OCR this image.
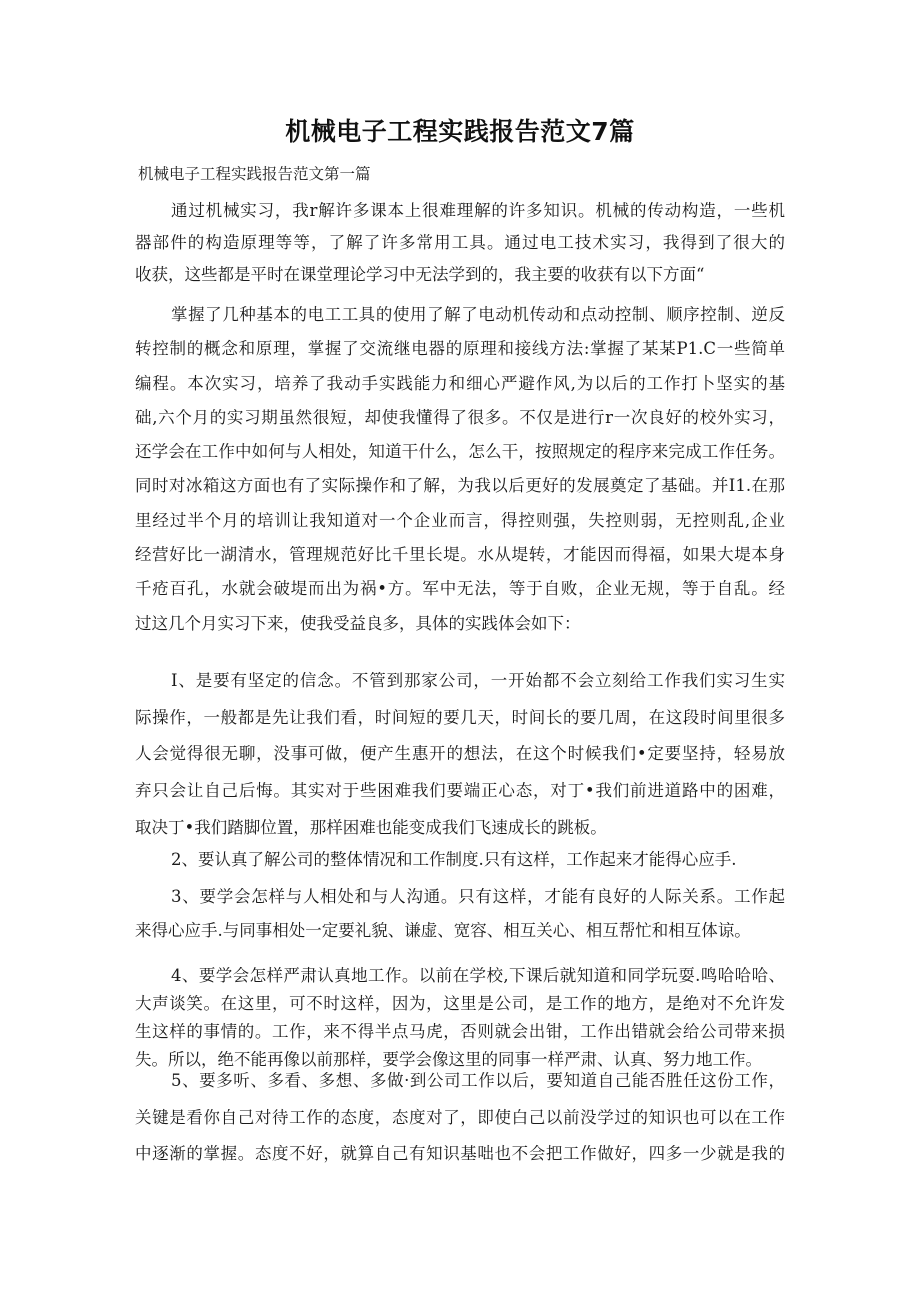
机械电子工程实践报告范文7篇
机械电子工程实践报告范文第一篇
通过机械实习，我r解许多课本上很难理解的许多知识。机械的传动构造，一些机
器部件的构造原理等等，了解了许多常用工具。通过电工技术实习，我得到了很大的
收获，这些都是平时在课堂理论学习中无法学到的，我主要的收获有以下方面“
掌握了几种基本的电工工具的使用了解了电动机传动和点动控制、顺序控制、逆反
转控制的概念和原理，掌握了交流继电器的原理和接线方法:掌握了某某P1.C一些简单
编程。本次实习，培养了我动手实践能力和细心严避作风,为以后的工作打卜坚实的基
础,六个月的实习期虽然很短，却使我懂得了很多。不仅是进行r一次良好的校外实习，
还学会在工作中如何与人相处，知道干什么，怎么干，按照规定的程序来完成工作任务。
同时对冰箱这方面也有了实际操作和了解，为我以后更好的发展奠定了基础。并I1.在那
里经过半个月的培训让我知道对一个企业而言，得控则强，失控则弱，无控则乱,企业
经营好比一湖清水，管理规范好比千里长堤。水从堤转，才能因而得福，如果大堤本身
千疮百孔，水就会破堤而出为祸•方。军中无法，等于自败，企业无规，等于自乱。经
过这几个月实习下来，使我受益良多，具体的实践体会如下：
I、是要有坚定的信念。不管到那家公司，一开始都不会立刻给工作我们实习生实
际操作，一般都是先让我们看，时间短的要几天，时间长的要几周，在这段时间里很多
人会觉得很无聊，没事可做，便产生惠开的想法，在这个时候我们•定要坚持，轻易放
弃只会让自己后悔。其实对于些困难我们要端正心态，对丁•我们前进道路中的困难，
取决丁•我们踏脚位置，那样困难也能变成我们飞速成长的跳板。
2、要认真了解公司的整体情况和工作制度.只有这样，工作起来才能得心应手.
3、要学会怎样与人相处和与人沟通。只有这样，才能有良好的人际关系。工作起
来得心应手.与同事相处一定要礼貌、谦虚、宽容、相互关心、相互帮忙和相互体谅。
4、要学会怎样严肃认真地工作。以前在学校,下课后就知道和同学玩耍.鸣哈哈哈、
大声谈笑。在这里，可不时这样，因为，这里是公司，是工作的地方，是绝对不允许发
生这样的事情的。工作，来不得半点马虎，否则就会出钳，工作出错就会给公司带来损
失。所以，绝不能再像以前那样，要学会像这里的同事一样严肃、认真、努力地工作。
5、要多听、多看、多想、多做·到公司工作以后，要知道自己能否胜任这份工作，
关键是看你自己对待工作的态度，态度对了，即使白己以前没学过的知识也可以在工作
中逐渐的掌握。态度不好，就算自己有知识基咄也不会把工作做好，四多一少就是我的
